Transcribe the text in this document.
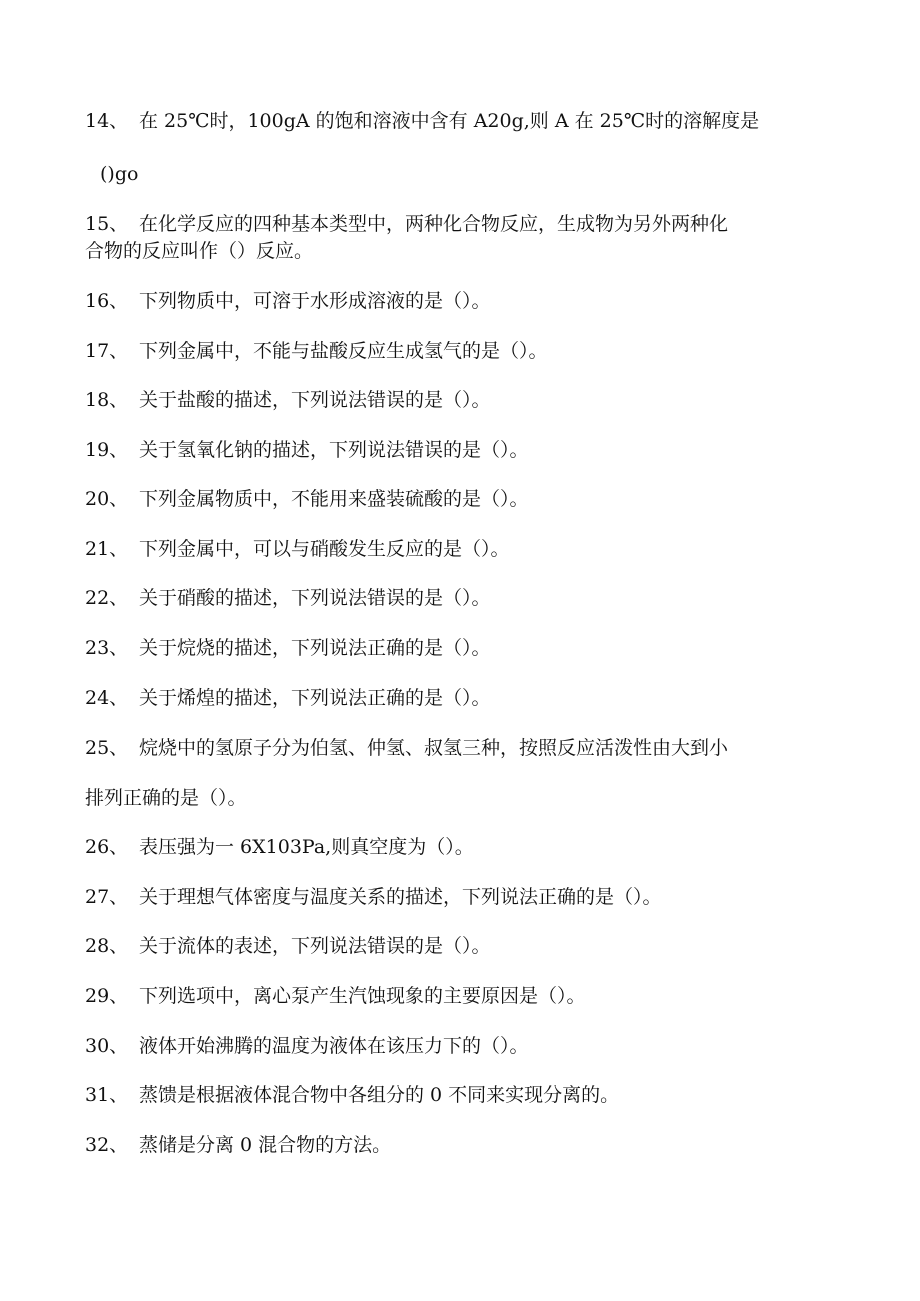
14、 在 25℃时，100gA 的饱和溶液中含有 A20g,则 A 在 25℃时的溶解度是
()go
15、 在化学反应的四种基本类型中，两种化合物反应，生成物为另外两种化
合物的反应叫作（）反应。
16、 下列物质中，可溶于水形成溶液的是（）。
17、 下列金属中，不能与盐酸反应生成氢气的是（）。
18、 关于盐酸的描述，下列说法错误的是（）。
19、 关于氢氧化钠的描述，下列说法错误的是（）。
20、 下列金属物质中，不能用来盛装硫酸的是（）。
21、 下列金属中，可以与硝酸发生反应的是（）。
22、 关于硝酸的描述，下列说法错误的是（）。
23、 关于烷烧的描述，下列说法正确的是（）。
24、 关于烯煌的描述，下列说法正确的是（）。
25、 烷烧中的氢原子分为伯氢、仲氢、叔氢三种，按照反应活泼性由大到小
排列正确的是（）。
26、 表压强为一 6X103Pa,则真空度为（）。
27、 关于理想气体密度与温度关系的描述，下列说法正确的是（）。
28、 关于流体的表述，下列说法错误的是（）。
29、 下列选项中，离心泵产生汽蚀现象的主要原因是（）。
30、 液体开始沸腾的温度为液体在该压力下的（）。
31、 蒸馈是根据液体混合物中各组分的 0 不同来实现分离的。
32、 蒸储是分离 0 混合物的方法。
